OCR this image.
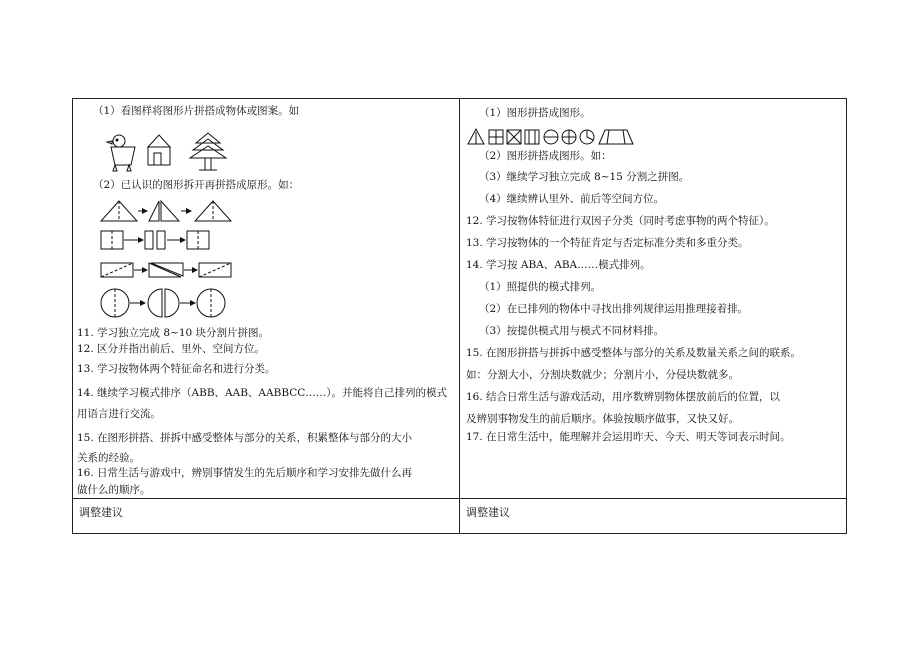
（1）看图样将图形片拼搭成物体或图案。如
（2）已认识的图形拆开再拼搭成原形。如：
11. 学习独立完成 8~10 块分割片拼图。
12. 区分并指出前后、里外、空间方位。
13. 学习按物体两个特征命名和进行分类。
14. 继续学习模式排序（ABB、AAB、AABBCC……）。并能将自己排列的模式
用语言进行交流。
15. 在图形拼搭、拼拆中感受整体与部分的关系，积累整体与部分的大小
关系的经验。
16. 日常生活与游戏中，辨别事情发生的先后顺序和学习安排先做什么再
做什么的顺序。
（1）图形拼搭成图形。
（2）图形拼搭成图形。如：
（3）继续学习独立完成 8~15 分割之拼图。
（4）继续辨认里外、前后等空间方位。
12. 学习按物体特征进行双因子分类（同时考虑事物的两个特征）。
13. 学习按物体的一个特征肯定与否定标准分类和多重分类。
14. 学习按 ABA、ABA……模式排列。
（1）照提供的模式排列。
（2）在已排列的物体中寻找出排列规律运用推理接着排。
（3）按提供模式用与模式不同材料排。
15. 在图形拼搭与拼拆中感受整体与部分的关系及数量关系之间的联系。
如：分割大小，分割块数就少；分割片小，分侵块数就多。
16. 结合日常生活与游戏活动，用序数辨别物体摆放前后的位置，以
及辨别事物发生的前后顺序。体验按顺序做事，又快又好。
17. 在日常生活中，能理解并会运用昨天、今天、明天等词表示时间。
调整建议	调整建议
